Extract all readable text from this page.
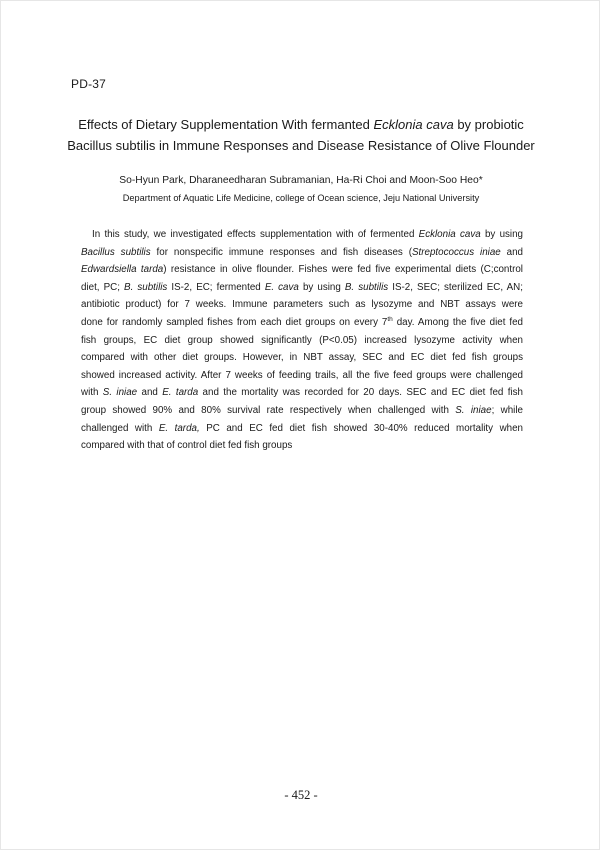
PD-37
Effects of Dietary Supplementation With fermanted Ecklonia cava by probiotic
Bacillus subtilis in Immune Responses and Disease Resistance of Olive Flounder
So-Hyun Park, Dharaneedharan Subramanian, Ha-Ri Choi and Moon-Soo Heo*
Department of Aquatic Life Medicine, college of Ocean science, Jeju National University
In this study, we investigated effects supplementation with of fermented Ecklonia cava by using
Bacillus subtilis for nonspecific immune responses and fish diseases (Streptococcus iniae and
Edwardsiella tarda) resistance in olive flounder. Fishes were fed five experimental diets (C;control
diet, PC; B. subtilis IS-2, EC; fermented E. cava by using B. subtilis IS-2, SEC; sterilized EC, AN;
antibiotic product) for 7 weeks. Immune parameters such as lysozyme and NBT assays were
done for randomly sampled fishes from each diet groups on every 7th day. Among the five diet fed
fish groups, EC diet group showed significantly (P<0.05) increased lysozyme activity when
compared with other diet groups. However, in NBT assay, SEC and EC diet fed fish groups
showed increased activity. After 7 weeks of feeding trails, all the five feed groups were challenged
with S. iniae and E. tarda and the mortality was recorded for 20 days. SEC and EC diet fed fish
group showed 90% and 80% survival rate respectively when challenged with S. iniae; while
challenged with E. tarda, PC and EC fed diet fish showed 30-40% reduced mortality when
compared with that of control diet fed fish groups
- 452 -
